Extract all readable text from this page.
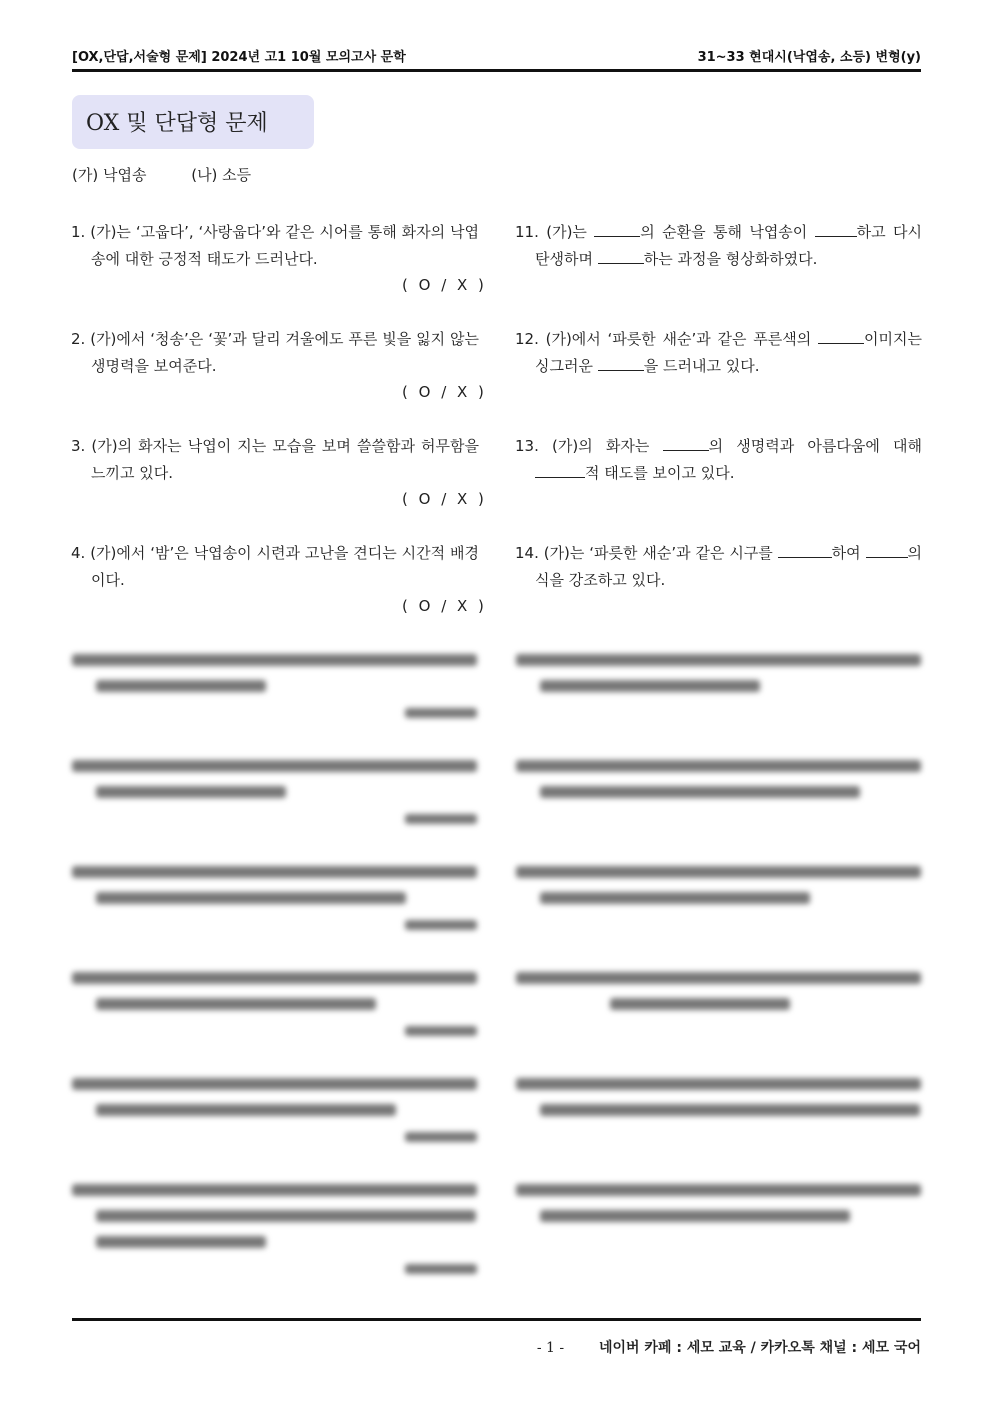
[OX,단답,서술형 문제] 2024년 고1 10월 모의고사 문학	31~33 현대시(낙엽송, 소등) 변형(y)
OX 및 단답형 문제
(가) 낙엽송	(나) 소등
1. (가)는 ‘고웁다’, ‘사랑웁다’와 같은 시어를 통해 화자의 낙엽송에 대한 긍정적 태도가 드러난다.
( O / X )
2. (가)에서 ‘청송’은 ‘꽃’과 달리 겨울에도 푸른 빛을 잃지 않는 생명력을 보여준다.
( O / X )
3. (가)의 화자는 낙엽이 지는 모습을 보며 쓸쓸함과 허무함을 느끼고 있다.
( O / X )
4. (가)에서 ‘밤’은 낙엽송이 시련과 고난을 견디는 시간적 배경이다.
( O / X )
11. (가)는	의 순환을 통해 낙엽송이	하고 다시 탄생하며	하는 과정을 형상화하였다.
12. (가)에서 ‘파릇한 새순’과 같은 푸른색의	이미지는 싱그러운	을 드러내고 있다.
13. (가)의 화자는	의 생명력과 아름다움에 대해 적 태도를 보이고 있다.
14. (가)는 ‘파릇한 새순’과 같은 시구를	하여	의식을 강조하고 있다.
- 1 - 네이버 카페 : 세모 교육 / 카카오톡 채널 : 세모 국어
